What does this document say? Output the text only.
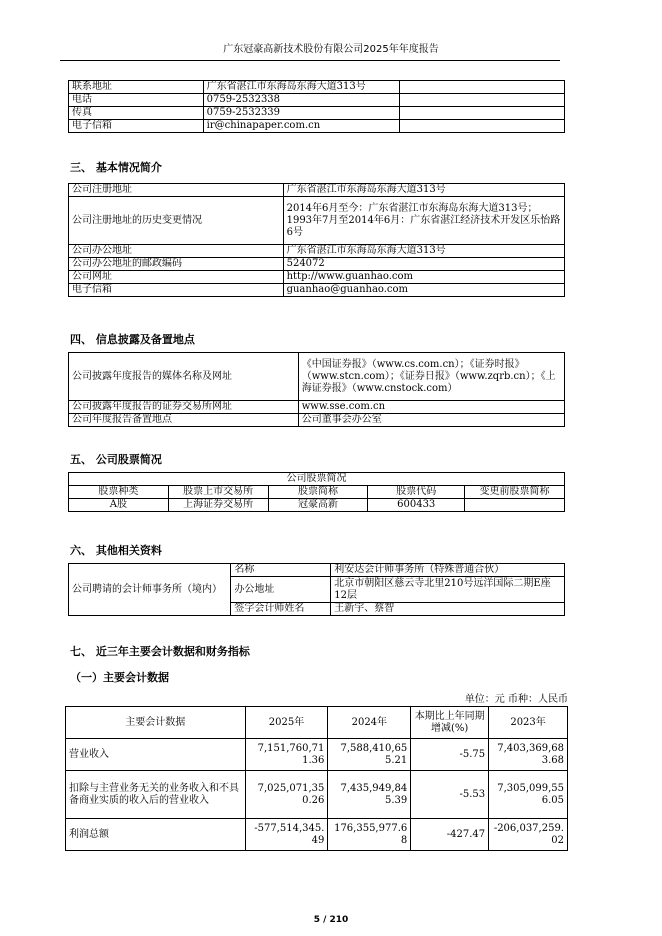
广东冠豪高新技术股份有限公司2025年年度报告
联系地址	广东省湛江市东海岛东海大道313号	
电话	0759-2532338	
传真	0759-2532339	
电子信箱	ir@chinapaper.com.cn	
三、 基本情况简介
公司注册地址	广东省湛江市东海岛东海大道313号
公司注册地址的历史变更情况	2014年6月至今：广东省湛江市东海岛东海大道313号；1993年7月至2014年6月：广东省湛江经济技术开发区乐怡路6号
公司办公地址	广东省湛江市东海岛东海大道313号
公司办公地址的邮政编码	524072
公司网址	http://www.guanhao.com
电子信箱	guanhao@guanhao.com
四、 信息披露及备置地点
公司披露年度报告的媒体名称及网址	《中国证券报》（www.cs.com.cn）；《证券时报》（www.stcn.com）；《证券日报》（www.zqrb.cn）；《上海证券报》（www.cnstock.com）
公司披露年度报告的证券交易所网址	www.sse.com.cn
公司年度报告备置地点	公司董事会办公室
五、 公司股票简况
公司股票简况				
股票种类	股票上市交易所	股票简称	股票代码	变更前股票简称
A股	上海证券交易所	冠豪高新	600433	
六、 其他相关资料
公司聘请的会计师事务所（境内）	名称	利安达会计师事务所（特殊普通合伙）
	办公地址	北京市朝阳区慈云寺北里210号远洋国际二期E座12层
	签字会计师姓名	王新宇、蔡智
七、 近三年主要会计数据和财务指标
（一）主要会计数据
单位：元 币种：人民币
主要会计数据	2025年	2024年	本期比上年同期增减(%)	2023年
营业收入	7,151,760,711.36	7,588,410,655.21	-5.75	7,403,369,683.68
扣除与主营业务无关的业务收入和不具备商业实质的收入后的营业收入	7,025,071,350.26	7,435,949,845.39	-5.53	7,305,099,556.05
利润总额	-577,514,345.49	176,355,977.68	-427.47	-206,037,259.02
5 / 210
